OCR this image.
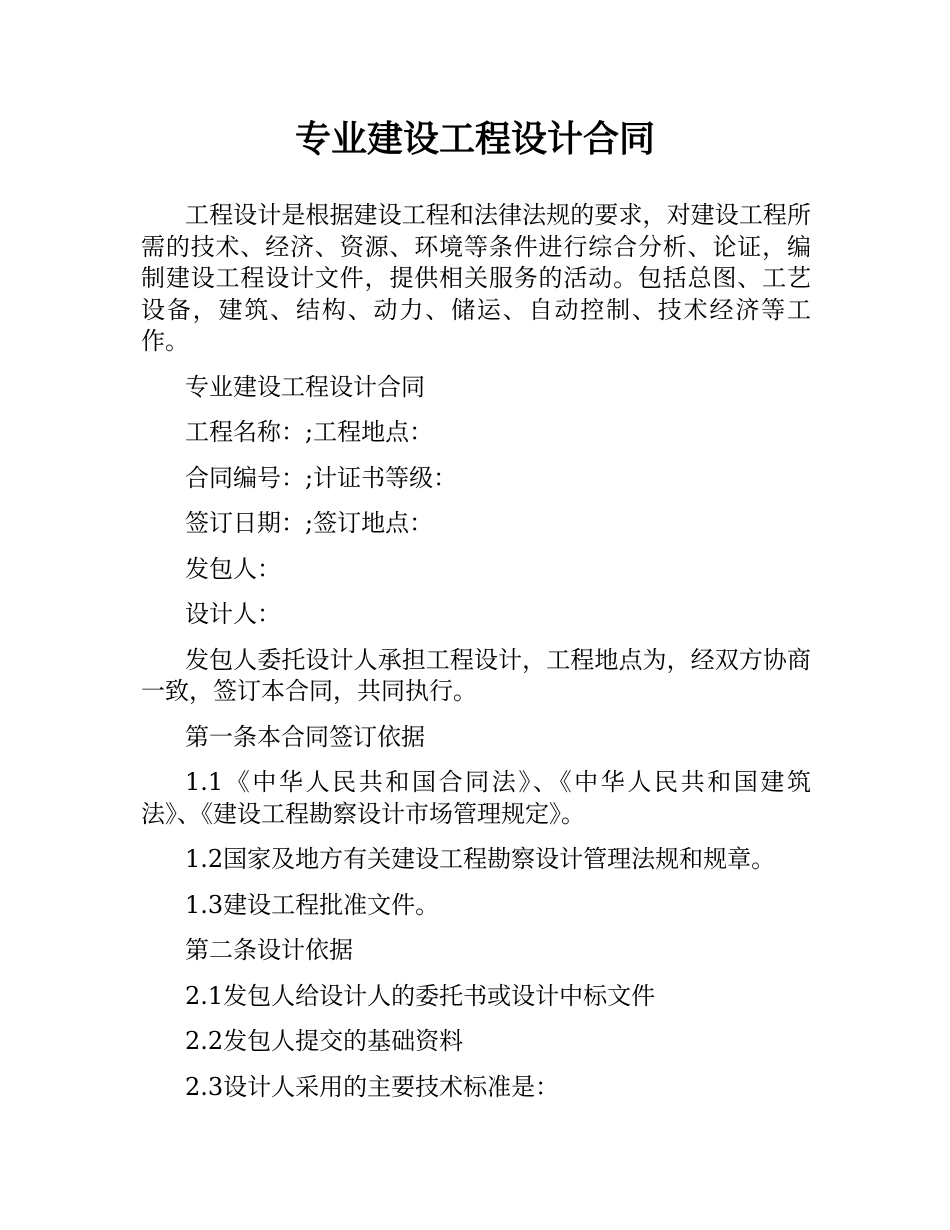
专业建设工程设计合同

工程设计是根据建设工程和法律法规的要求，对建设工程所需的技术、经济、资源、环境等条件进行综合分析、论证，编制建设工程设计文件，提供相关服务的活动。包括总图、工艺设备，建筑、结构、动力、储运、自动控制、技术经济等工作。

专业建设工程设计合同

工程名称：;工程地点：

合同编号：;计证书等级：

签订日期：;签订地点：

发包人：

设计人：

发包人委托设计人承担工程设计，工程地点为，经双方协商一致，签订本合同，共同执行。

第一条本合同签订依据

1.1《中华人民共和国合同法》、《中华人民共和国建筑法》、《建设工程勘察设计市场管理规定》。

1.2国家及地方有关建设工程勘察设计管理法规和规章。

1.3建设工程批准文件。

第二条设计依据

2.1发包人给设计人的委托书或设计中标文件

2.2发包人提交的基础资料

2.3设计人采用的主要技术标准是：
